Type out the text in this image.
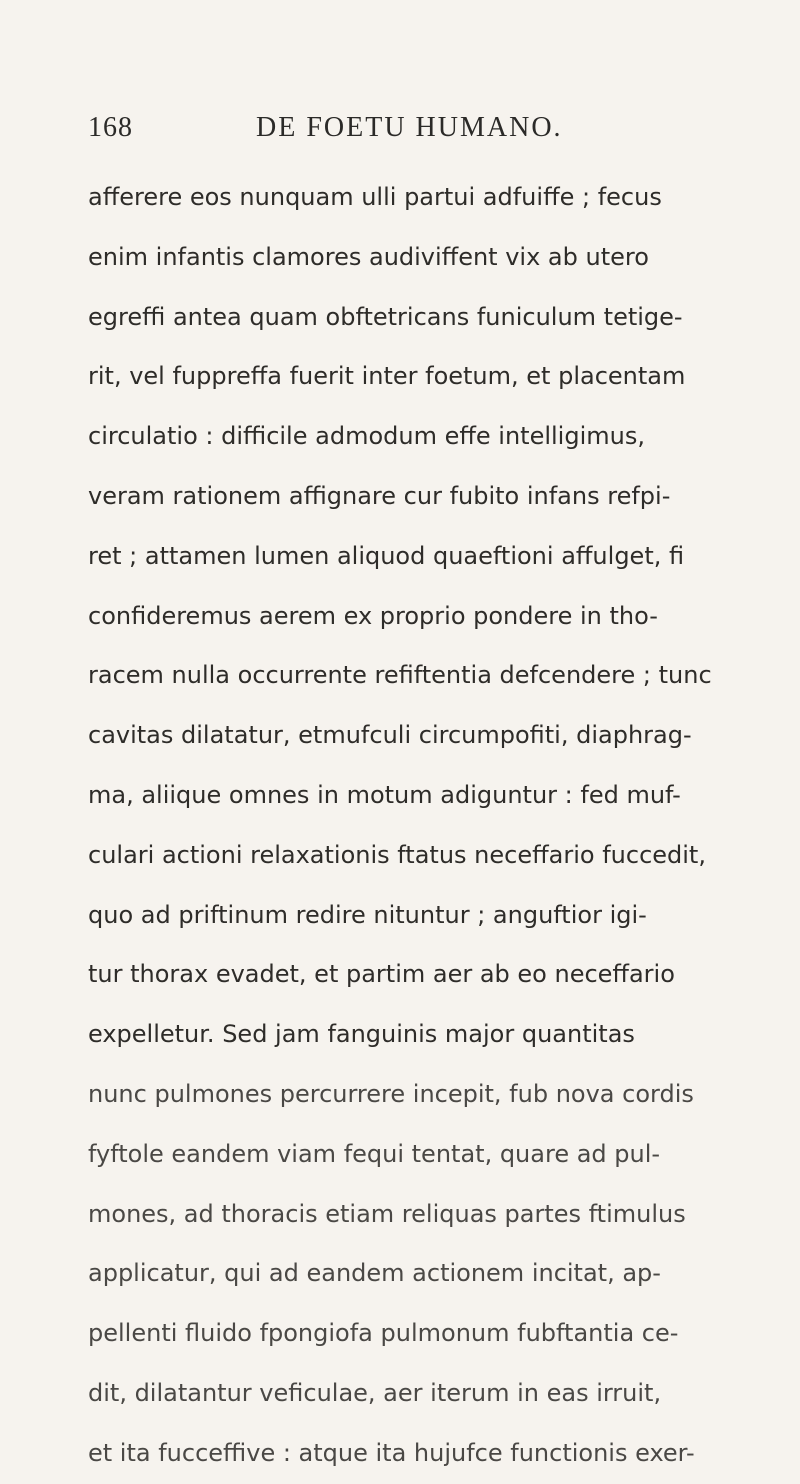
168	DE FOETU HUMANO.
afferere eos nunquam ulli partui adfuiffe ; fecus
enim infantis clamores audiviffent vix ab utero
egreffi antea quam obftetricans funiculum tetige-
rit, vel fuppreffa fuerit inter foetum, et placentam
circulatio : difficile admodum effe intelligimus,
veram rationem affignare cur fubito infans refpi-
ret ; attamen lumen aliquod quaeftioni affulget, fi
confideremus aerem ex proprio pondere in tho-
racem nulla occurrente refiftentia defcendere ; tunc
cavitas dilatatur, etmufculi circumpofiti, diaphrag-
ma, aliique omnes in motum adiguntur : fed muf-
culari actioni relaxationis ftatus neceffario fuccedit,
quo ad priftinum redire nituntur ; anguftior igi-
tur thorax evadet, et partim aer ab eo neceffario
expelletur. Sed jam fanguinis major quantitas
nunc pulmones percurrere incepit, fub nova cordis
fyftole eandem viam fequi tentat, quare ad pul-
mones, ad thoracis etiam reliquas partes ftimulus
applicatur, qui ad eandem actionem incitat, ap-
pellenti fluido fpongiofa pulmonum fubftantia ce-
dit, dilatantur veficulae, aer iterum in eas irruit,
et ita fucceffive : atque ita hujufce functionis exer-
